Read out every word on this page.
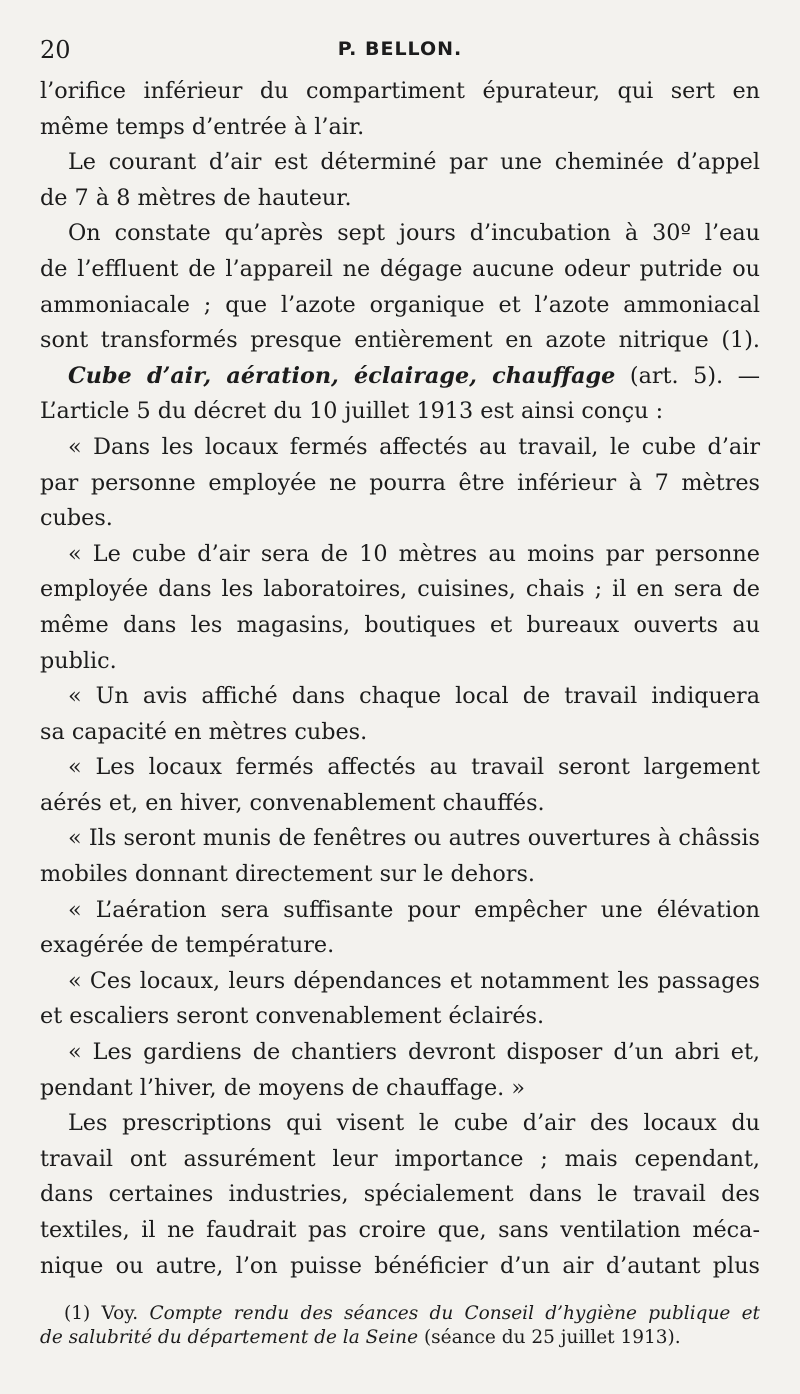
20	P. BELLON.

l’orifice inférieur du compartiment épurateur, qui sert en
même temps d’entrée à l’air.

Le courant d’air est déterminé par une cheminée d’appel
de 7 à 8 mètres de hauteur.

On constate qu’après sept jours d’incubation à 30º l’eau
de l’effluent de l’appareil ne dégage aucune odeur putride ou
ammoniacale ; que l’azote organique et l’azote ammoniacal
sont transformés presque entièrement en azote nitrique (1).

Cube d’air, aération, éclairage, chauffage (art. 5). —
L’article 5 du décret du 10 juillet 1913 est ainsi conçu :

« Dans les locaux fermés affectés au travail, le cube d’air
par personne employée ne pourra être inférieur à 7 mètres
cubes.

« Le cube d’air sera de 10 mètres au moins par personne
employée dans les laboratoires, cuisines, chais ; il en sera de
même dans les magasins, boutiques et bureaux ouverts au
public.

« Un avis affiché dans chaque local de travail indiquera
sa capacité en mètres cubes.

« Les locaux fermés affectés au travail seront largement
aérés et, en hiver, convenablement chauffés.

« Ils seront munis de fenêtres ou autres ouvertures à châssis
mobiles donnant directement sur le dehors.

« L’aération sera suffisante pour empêcher une élévation
exagérée de température.

« Ces locaux, leurs dépendances et notamment les passages
et escaliers seront convenablement éclairés.

« Les gardiens de chantiers devront disposer d’un abri et,
pendant l’hiver, de moyens de chauffage. »

Les prescriptions qui visent le cube d’air des locaux du
travail ont assurément leur importance ; mais cependant,
dans certaines industries, spécialement dans le travail des
textiles, il ne faudrait pas croire que, sans ventilation méca-
nique ou autre, l’on puisse bénéficier d’un air d’autant plus

(1) Voy. Compte rendu des séances du Conseil d’hygiène publique et
de salubrité du département de la Seine (séance du 25 juillet 1913).
